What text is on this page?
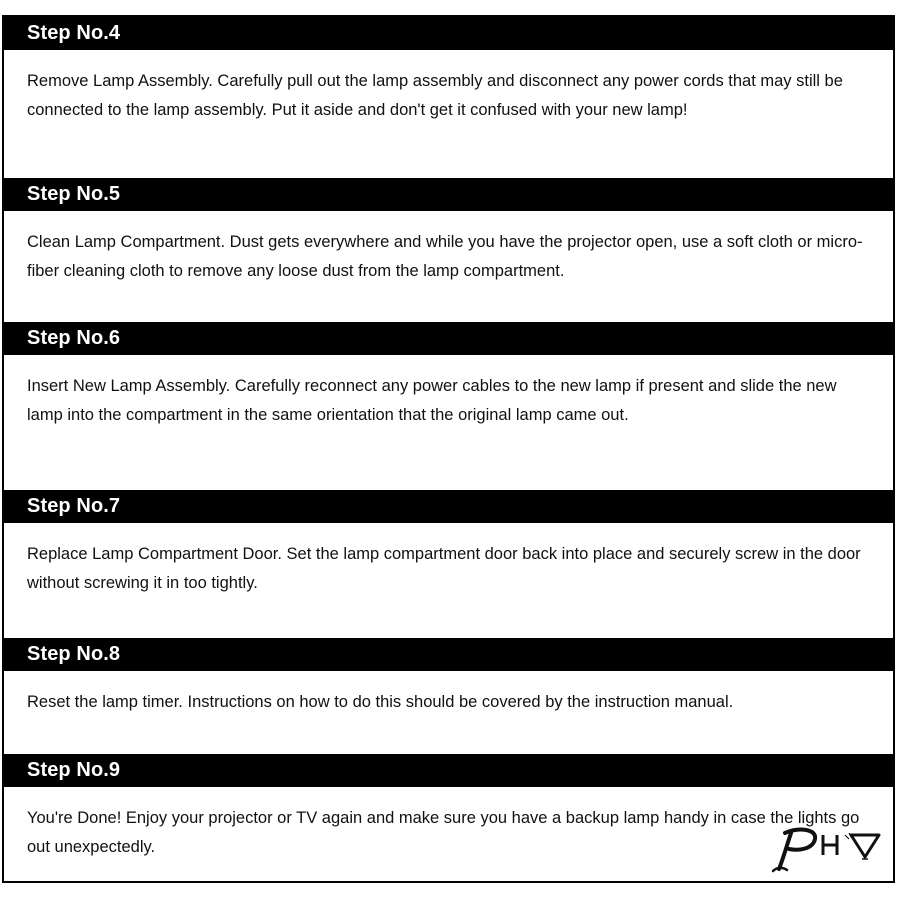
Step No.4
Remove Lamp Assembly. Carefully pull out the lamp assembly and disconnect any power cords that may still be connected to the lamp assembly. Put it aside and don't get it confused with your new lamp!
Step No.5
Clean Lamp Compartment. Dust gets everywhere and while you have the projector open, use a soft cloth or micro-fiber cleaning cloth to remove any loose dust from the lamp compartment.
Step No.6
Insert New Lamp Assembly. Carefully reconnect any power cables to the new lamp if present and slide the new lamp into the compartment in the same orientation that the original lamp came out.
Step No.7
Replace Lamp Compartment Door. Set the lamp compartment door back into place and securely screw in the door without screwing it in too tightly.
Step No.8
Reset the lamp timer. Instructions on how to do this should be covered by the instruction manual.
Step No.9
You're Done! Enjoy your projector or TV again and make sure you have a backup lamp handy in case the lights go out unexpectedly.
